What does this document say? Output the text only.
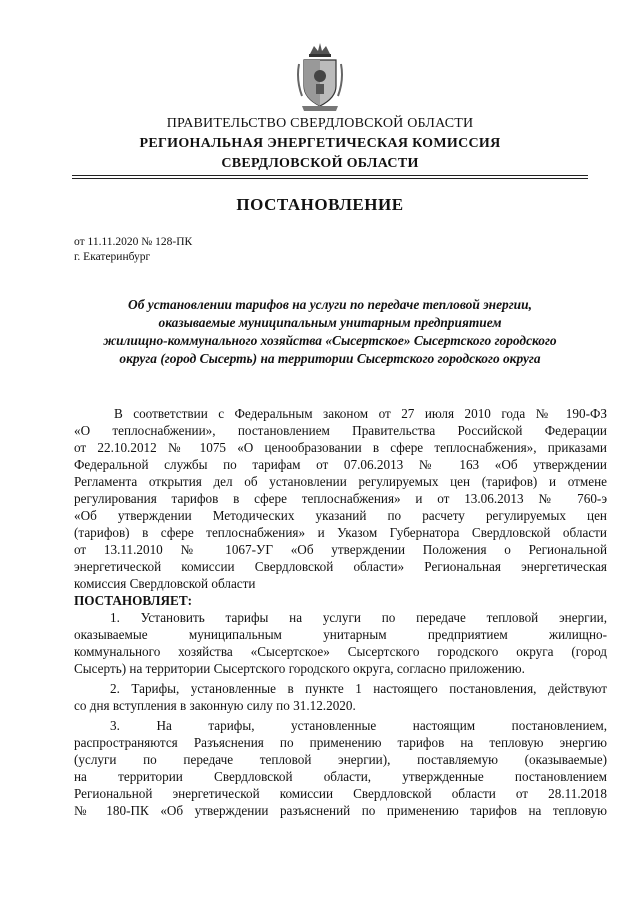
ПРАВИТЕЛЬСТВО СВЕРДЛОВСКОЙ ОБЛАСТИ
РЕГИОНАЛЬНАЯ ЭНЕРГЕТИЧЕСКАЯ КОМИССИЯ
СВЕРДЛОВСКОЙ ОБЛАСТИ
ПОСТАНОВЛЕНИЕ
от 11.11.2020 № 128-ПК
г. Екатеринбург
Об установлении тарифов на услуги по передаче тепловой энергии,
оказываемые муниципальным унитарным предприятием
жилищно-коммунального хозяйства «Сысертское» Сысертского городского
округа (город Сысерть) на территории Сысертского городского округа
В соответствии с Федеральным законом от 27 июля 2010 года № 190-ФЗ
«О теплоснабжении», постановлением Правительства Российской Федерации
от 22.10.2012 № 1075 «О ценообразовании в сфере теплоснабжения», приказами
Федеральной службы по тарифам от 07.06.2013 № 163 «Об утверждении
Регламента открытия дел об установлении регулируемых цен (тарифов) и отмене
регулирования тарифов в сфере теплоснабжения» и от 13.06.2013 № 760-э
«Об утверждении Методических указаний по расчету регулируемых цен
(тарифов) в сфере теплоснабжения» и Указом Губернатора Свердловской области
от 13.11.2010 № 1067-УГ «Об утверждении Положения о Региональной
энергетической комиссии Свердловской области» Региональная энергетическая
комиссия Свердловской области
ПОСТАНОВЛЯЕТ:
1. Установить тарифы на услуги по передаче тепловой энергии,
оказываемые муниципальным унитарным предприятием жилищно-
коммунального хозяйства «Сысертское» Сысертского городского округа (город
Сысерть) на территории Сысертского городского округа, согласно приложению.
2. Тарифы, установленные в пункте 1 настоящего постановления, действуют
со дня вступления в законную силу по 31.12.2020.
3. На тарифы, установленные настоящим постановлением,
распространяются Разъяснения по применению тарифов на тепловую энергию
(услуги по передаче тепловой энергии), поставляемую (оказываемые)
на территории Свердловской области, утвержденные постановлением
Региональной энергетической комиссии Свердловской области от 28.11.2018
№ 180-ПК «Об утверждении разъяснений по применению тарифов на тепловую
